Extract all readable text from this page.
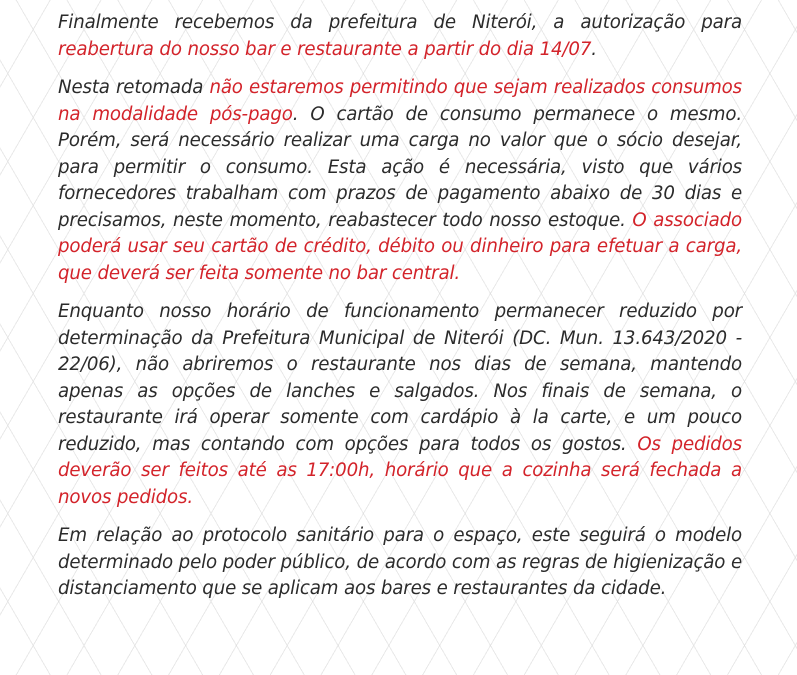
Finalmente recebemos da prefeitura de Niterói, a autorização para reabertura do nosso bar e restaurante a partir do dia 14/07.

Nesta retomada não estaremos permitindo que sejam realizados consumos na modalidade pós-pago. O cartão de consumo permanece o mesmo. Porém, será necessário realizar uma carga no valor que o sócio desejar, para permitir o consumo. Esta ação é necessária, visto que vários fornecedores trabalham com prazos de pagamento abaixo de 30 dias e precisamos, neste momento, reabastecer todo nosso estoque. O associado poderá usar seu cartão de crédito, débito ou dinheiro para efetuar a carga, que deverá ser feita somente no bar central.

Enquanto nosso horário de funcionamento permanecer reduzido por determinação da Prefeitura Municipal de Niterói (DC. Mun. 13.643/2020 - 22/06), não abriremos o restaurante nos dias de semana, mantendo apenas as opções de lanches e salgados. Nos finais de semana, o restaurante irá operar somente com cardápio à la carte, e um pouco reduzido, mas contando com opções para todos os gostos. Os pedidos deverão ser feitos até as 17:00h, horário que a cozinha será fechada a novos pedidos.

Em relação ao protocolo sanitário para o espaço, este seguirá o modelo determinado pelo poder público, de acordo com as regras de higienização e distanciamento que se aplicam aos bares e restaurantes da cidade.
